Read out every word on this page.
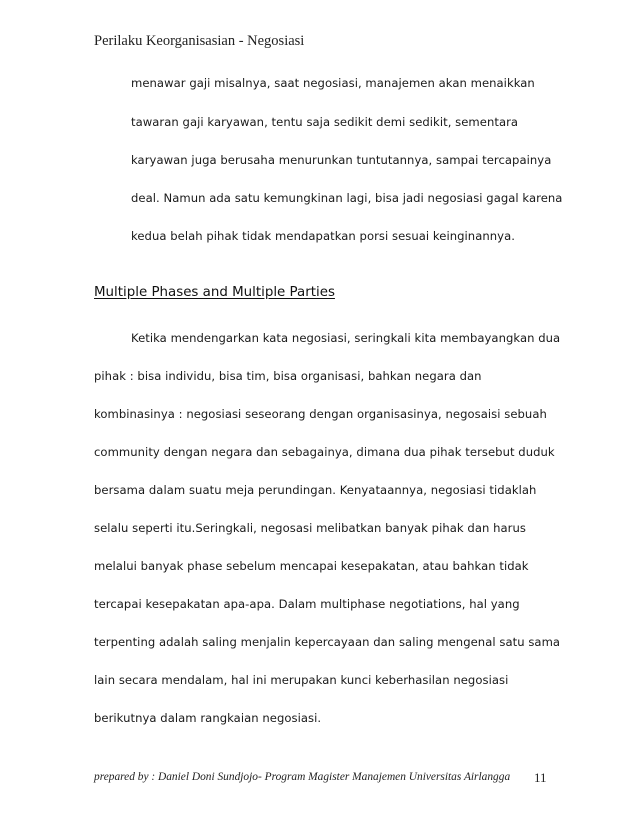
Perilaku Keorganisasian - Negosiasi
menawar gaji misalnya, saat negosiasi, manajemen akan menaikkan
tawaran gaji karyawan, tentu saja sedikit demi sedikit, sementara
karyawan juga berusaha menurunkan tuntutannya, sampai tercapainya
deal. Namun ada satu kemungkinan lagi, bisa jadi negosiasi gagal karena
kedua belah pihak tidak mendapatkan porsi sesuai keinginannya.
Multiple Phases and Multiple Parties
Ketika mendengarkan kata negosiasi, seringkali kita membayangkan dua
pihak : bisa individu, bisa tim, bisa organisasi, bahkan negara dan
kombinasinya : negosiasi seseorang dengan organisasinya, negosaisi sebuah
community dengan negara dan sebagainya, dimana dua pihak tersebut duduk
bersama dalam suatu meja perundingan. Kenyataannya, negosiasi tidaklah
selalu seperti itu.Seringkali, negosasi melibatkan banyak pihak dan harus
melalui banyak phase sebelum mencapai kesepakatan, atau bahkan tidak
tercapai kesepakatan apa-apa. Dalam multiphase negotiations, hal yang
terpenting adalah saling menjalin kepercayaan dan saling mengenal satu sama
lain secara mendalam, hal ini merupakan kunci keberhasilan negosiasi
berikutnya dalam rangkaian negosiasi.
prepared by : Daniel Doni Sundjojo- Program Magister Manajemen Universitas Airlangga 11
